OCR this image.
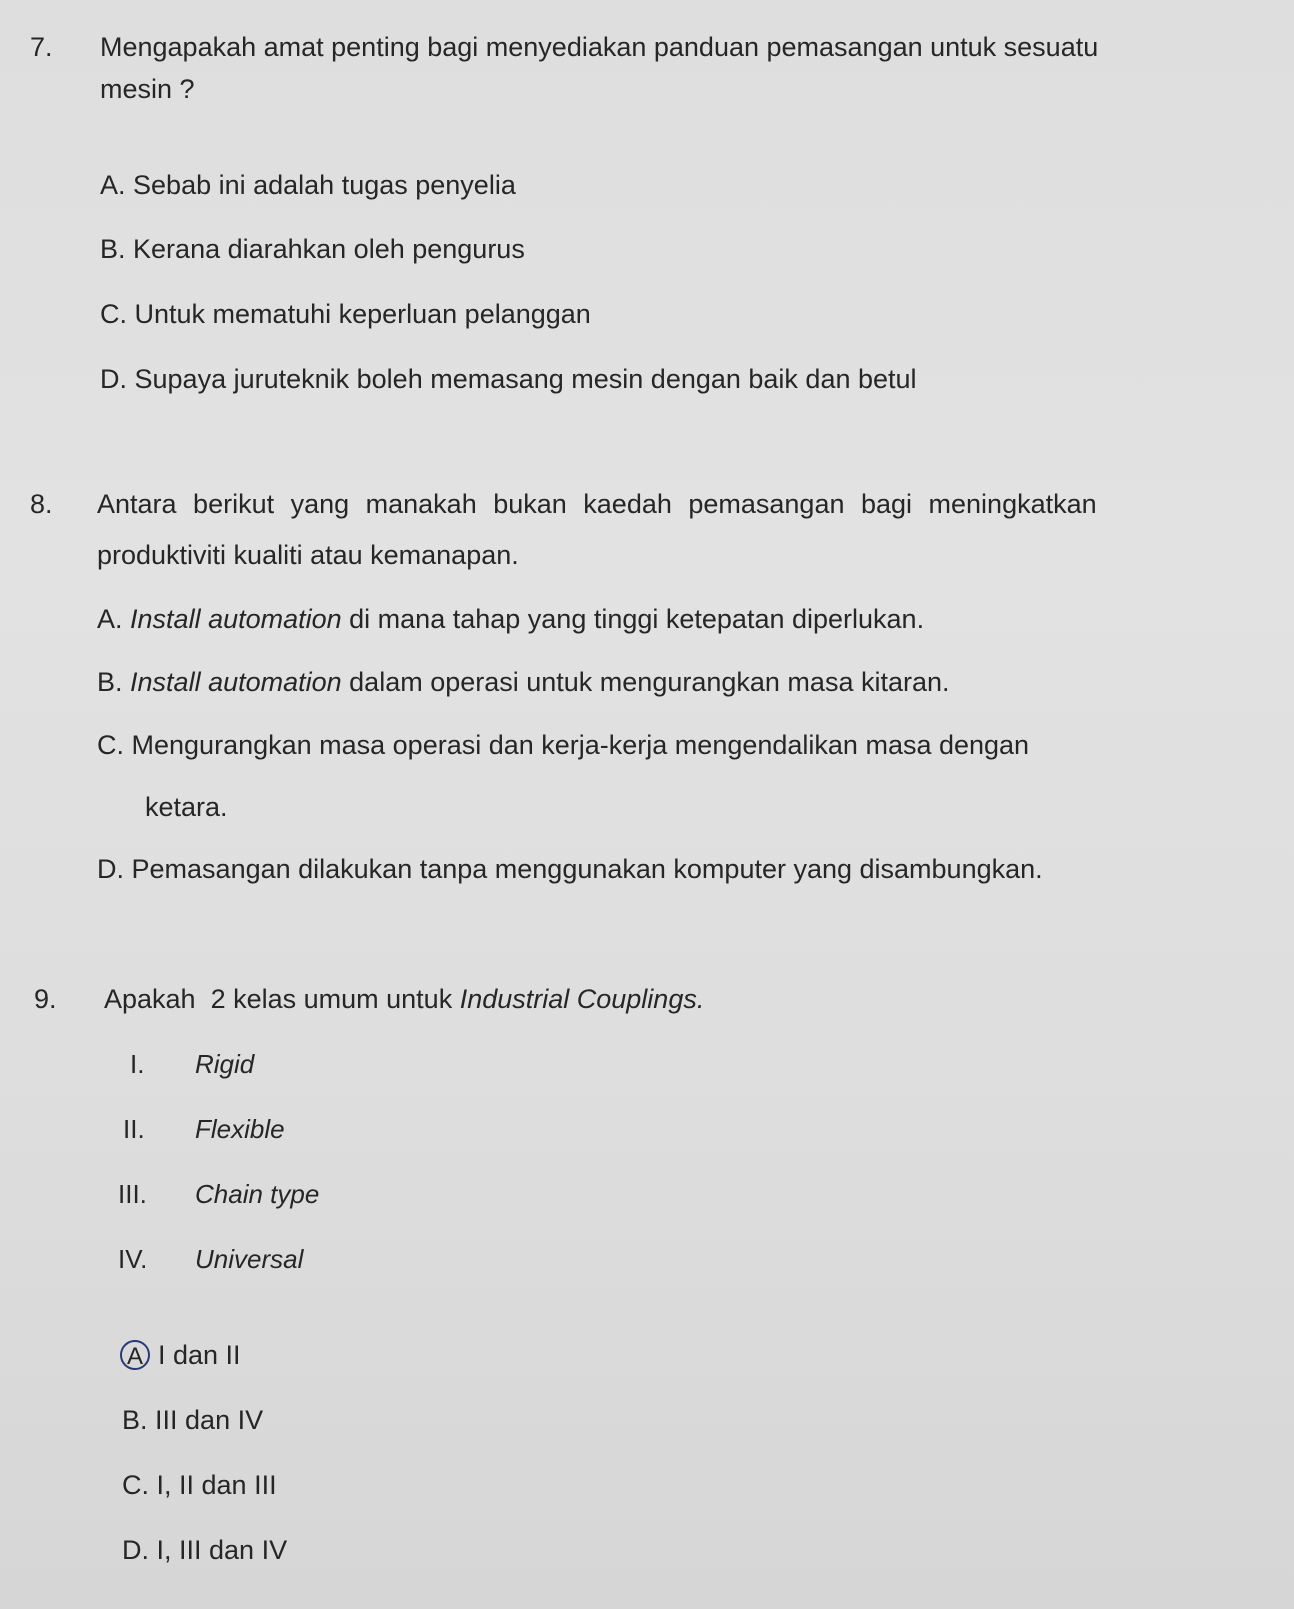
7. Mengapakah amat penting bagi menyediakan panduan pemasangan untuk sesuatu
mesin ?
A. Sebab ini adalah tugas penyelia
B. Kerana diarahkan oleh pengurus
C. Untuk mematuhi keperluan pelanggan
D. Supaya juruteknik boleh memasang mesin dengan baik dan betul
8. Antara berikut yang manakah bukan kaedah pemasangan bagi meningkatkan
produktiviti kualiti atau kemanapan.
A. Install automation di mana tahap yang tinggi ketepatan diperlukan.
B. Install automation dalam operasi untuk mengurangkan masa kitaran.
C. Mengurangkan masa operasi dan kerja-kerja mengendalikan masa dengan
ketara.
D. Pemasangan dilakukan tanpa menggunakan komputer yang disambungkan.
9. Apakah  2 kelas umum untuk Industrial Couplings.
I. Rigid
II. Flexible
III. Chain type
IV. Universal
A I dan II
B. III dan IV
C. I, II dan III
D. I, III dan IV
